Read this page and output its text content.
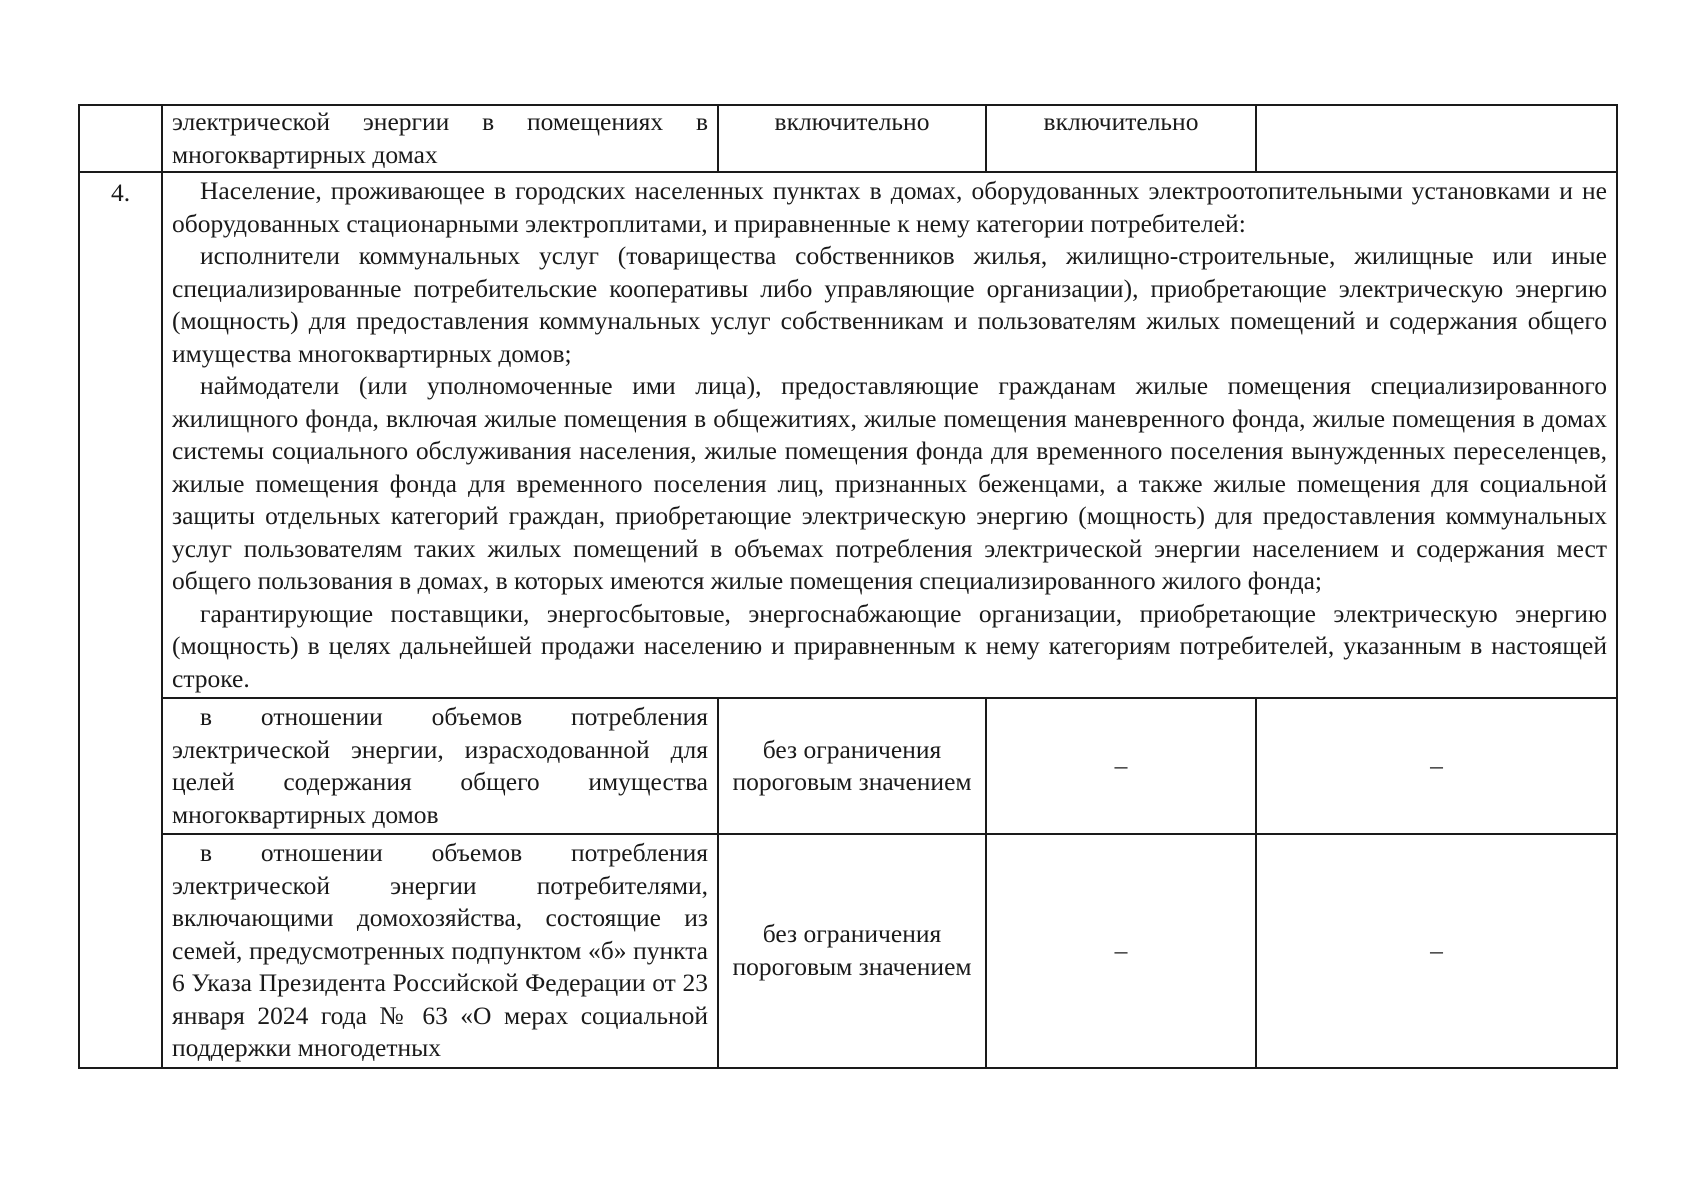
	электрической энергии в помещениях в многоквартирных домах	включительно	включительно	
4.	Население, проживающее в городских населенных пунктах в домах, оборудованных электроотопительными установками и не оборудованных стационарными электроплитами, и приравненные к нему категории потребителей:

исполнители коммунальных услуг (товарищества собственников жилья, жилищно-строительные, жилищные или иные специализированные потребительские кооперативы либо управляющие организации), приобретающие электрическую энергию (мощность) для предоставления коммунальных услуг собственникам и пользователям жилых помещений и содержания общего имущества многоквартирных домов;

наймодатели (или уполномоченные ими лица), предоставляющие гражданам жилые помещения специализированного жилищного фонда, включая жилые помещения в общежитиях, жилые помещения маневренного фонда, жилые помещения в домах системы социального обслуживания населения, жилые помещения фонда для временного поселения вынужденных переселенцев, жилые помещения фонда для временного поселения лиц, признанных беженцами, а также жилые помещения для социальной защиты отдельных категорий граждан, приобретающие электрическую энергию (мощность) для предоставления коммунальных услуг пользователям таких жилых помещений в объемах потребления электрической энергии населением и содержания мест общего пользования в домах, в которых имеются жилые помещения специализированного жилого фонда;

гарантирующие поставщики, энергосбытовые, энергоснабжающие организации, приобретающие электрическую энергию (мощность) в целях дальнейшей продажи населению и приравненным к нему категориям потребителей, указанным в настоящей строке.			

	в отношении объемов потребления электрической энергии, израсходованной для целей содержания общего имущества многоквартирных домов	без ограничения пороговым значением	–	–
	в отношении объемов потребления электрической энергии потребителями, включающими домохозяйства, состоящие из семей, предусмотренных подпунктом «б» пункта 6 Указа Президента Российской Федерации от 23 января 2024 года № 63 «О мерах социальной поддержки многодетных	без ограничения пороговым значением	–	–
